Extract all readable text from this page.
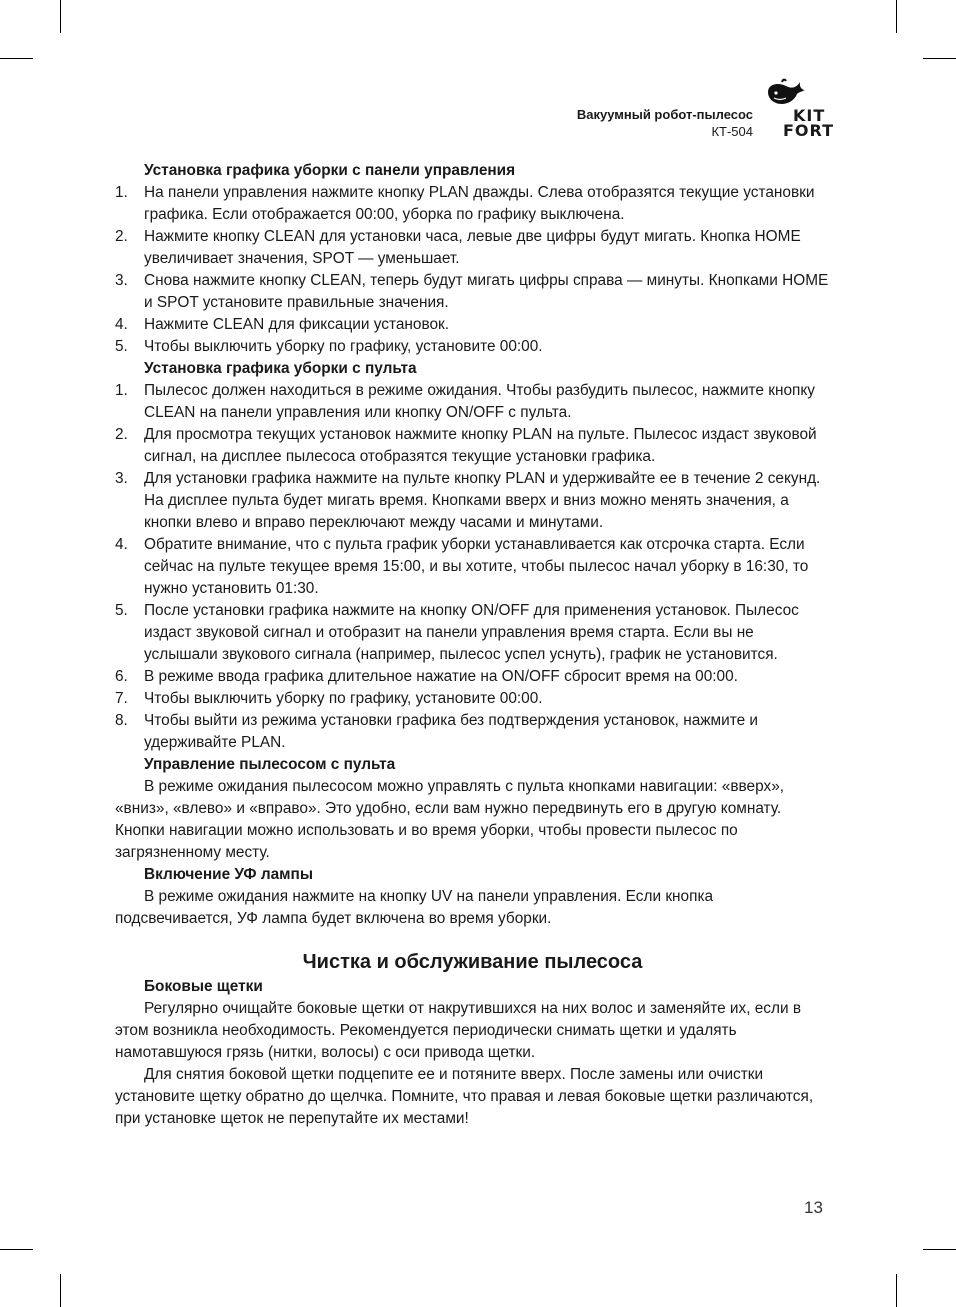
Вакуумный робот-пылесос
КТ-504
KIT
FORT
Установка графика уборки с панели управления
1. На панели управления нажмите кнопку PLAN дважды. Слева отобразятся текущие установки графика. Если отображается 00:00, уборка по графику выключена.
2. Нажмите кнопку CLEAN для установки часа, левые две цифры будут мигать. Кнопка HOME увеличивает значения, SPOT — уменьшает.
3. Снова нажмите кнопку CLEAN, теперь будут мигать цифры справа — минуты. Кнопками HOME и SPOT установите правильные значения.
4. Нажмите CLEAN для фиксации установок.
5. Чтобы выключить уборку по графику, установите 00:00.
Установка графика уборки с пульта
1. Пылесос должен находиться в режиме ожидания. Чтобы разбудить пылесос, нажмите кнопку CLEAN на панели управления или кнопку ON/OFF с пульта.
2. Для просмотра текущих установок нажмите кнопку PLAN на пульте. Пылесос издаст звуковой сигнал, на дисплее пылесоса отобразятся текущие установки графика.
3. Для установки графика нажмите на пульте кнопку PLAN и удерживайте ее в течение 2 секунд. На дисплее пульта будет мигать время. Кнопками вверх и вниз можно менять значения, а кнопки влево и вправо переключают между часами и минутами.
4. Обратите внимание, что с пульта график уборки устанавливается как отсрочка старта. Если сейчас на пульте текущее время 15:00, и вы хотите, чтобы пылесос начал уборку в 16:30, то нужно установить 01:30.
5. После установки графика нажмите на кнопку ON/OFF для применения установок. Пылесос издаст звуковой сигнал и отобразит на панели управления время старта. Если вы не услышали звукового сигнала (например, пылесос успел уснуть), график не установится.
6. В режиме ввода графика длительное нажатие на ON/OFF сбросит время на 00:00.
7. Чтобы выключить уборку по графику, установите 00:00.
8. Чтобы выйти из режима установки графика без подтверждения установок, нажмите и удерживайте PLAN.
Управление пылесосом с пульта

В режиме ожидания пылесосом можно управлять с пульта кнопками навигации: «вверх», «вниз», «влево» и «вправо». Это удобно, если вам нужно передвинуть его в другую комнату. Кнопки навигации можно использовать и во время уборки, чтобы провести пылесос по загрязненному месту.

Включение УФ лампы

В режиме ожидания нажмите на кнопку UV на панели управления. Если кнопка подсвечивается, УФ лампа будет включена во время уборки.

Чистка и обслуживание пылесоса
Боковые щетки

Регулярно очищайте боковые щетки от накрутившихся на них волос и заменяйте их, если в этом возникла необходимость. Рекомендуется периодически снимать щетки и удалять намотавшуюся грязь (нитки, волосы) с оси привода щетки.

Для снятия боковой щетки подцепите ее и потяните вверх. После замены или очистки установите щетку обратно до щелчка. Помните, что правая и левая боковые щетки различаются, при установке щеток не перепутайте их местами!

13
